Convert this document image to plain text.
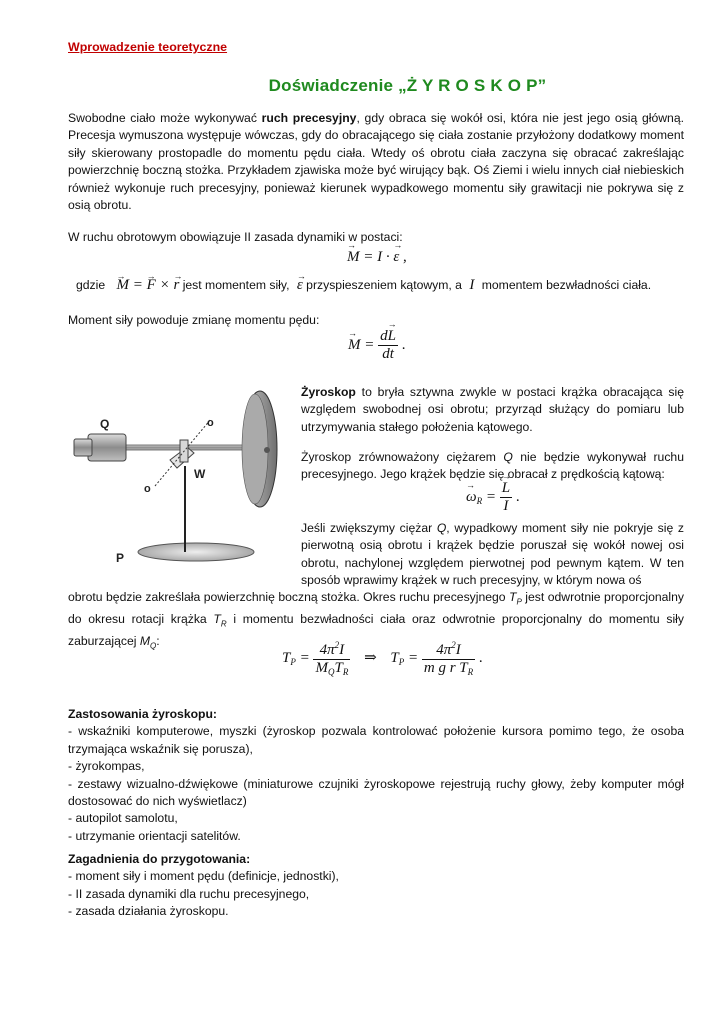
Wprowadzenie teoretyczne
Doświadczenie „Ż Y R O S K O P”
Swobodne ciało może wykonywać ruch precesyjny, gdy obraca się wokół osi, która nie jest jego osią główną. Precesja wymuszona występuje wówczas, gdy do obracającego się ciała zostanie przyłożony dodatkowy moment siły skierowany prostopadle do momentu pędu ciała. Wtedy oś obrotu ciała zaczyna się obracać zakreślając powierzchnię boczną stożka. Przykładem zjawiska może być wirujący bąk. Oś Ziemi i wielu innych ciał niebieskich również wykonuje ruch precesyjny, ponieważ kierunek wypadkowego momentu siły grawitacji nie pokrywa się z osią obrotu.
W ruchu obrotowym obowiązuje II zasada dynamiki w postaci:
→ M = I · → ε ,
gdzie → M = → F × → r jest momentem siły, → ε przyspieszeniem kątowym, a I momentem bezwładności ciała.
Moment siły powoduje zmianę momentu pędu:
→ $M = \frac{d\to L}{dt}$ .
Q	o
W
o
P
Żyroskop to bryła sztywna zwykle w postaci krążka obracająca się względem swobodnej osi obrotu; przyrząd służący do pomiaru lub utrzymywania stałego położenia kątowego.
Żyroskop zrównoważony ciężarem Q nie będzie wykonywał ruchu precesyjnego. Jego krążek będzie się obracał z prędkością kątową:
→ $\omega_R$ = → $\frac{L}{I}$ .
Jeśli zwiększymy ciężar Q, wypadkowy moment siły nie pokryje się z pierwotną osią obrotu i krążek będzie poruszał się wokół nowej osi obrotu, nachylonej względem pierwotnej pod pewnym kątem. W ten sposób wprawimy krążek w ruch precesyjny, w którym nowa oś
obrotu będzie zakreślała powierzchnię boczną stożka. Okres ruchu precesyjnego $T_P$ jest odwrotnie proporcjonalny do okresu rotacji krążka $T_R$ i momentu bezwładności ciała oraz odwrotnie proporcjonalny do momentu siły zaburzającej $M_Q$:
$T_P = \frac{4\pi^2I}{M_QT_R}$ ⇒ $T_P = \frac{4\pi^2I}{m g r T_R}$ .
Zastosowania żyroskopu:
- wskaźniki komputerowe, myszki (żyroskop pozwala kontrolować położenie kursora pomimo tego, że osoba trzymająca wskaźnik się porusza),
- żyrokompas,
- zestawy wizualno-dźwiękowe (miniaturowe czujniki żyroskopowe rejestrują ruchy głowy, żeby komputer mógł dostosować do nich wyświetlacz)
- autopilot samolotu,
- utrzymanie orientacji satelitów.
Zagadnienia do przygotowania:
- moment siły i moment pędu (definicje, jednostki),
- II zasada dynamiki dla ruchu precesyjnego,
- zasada działania żyroskopu.
